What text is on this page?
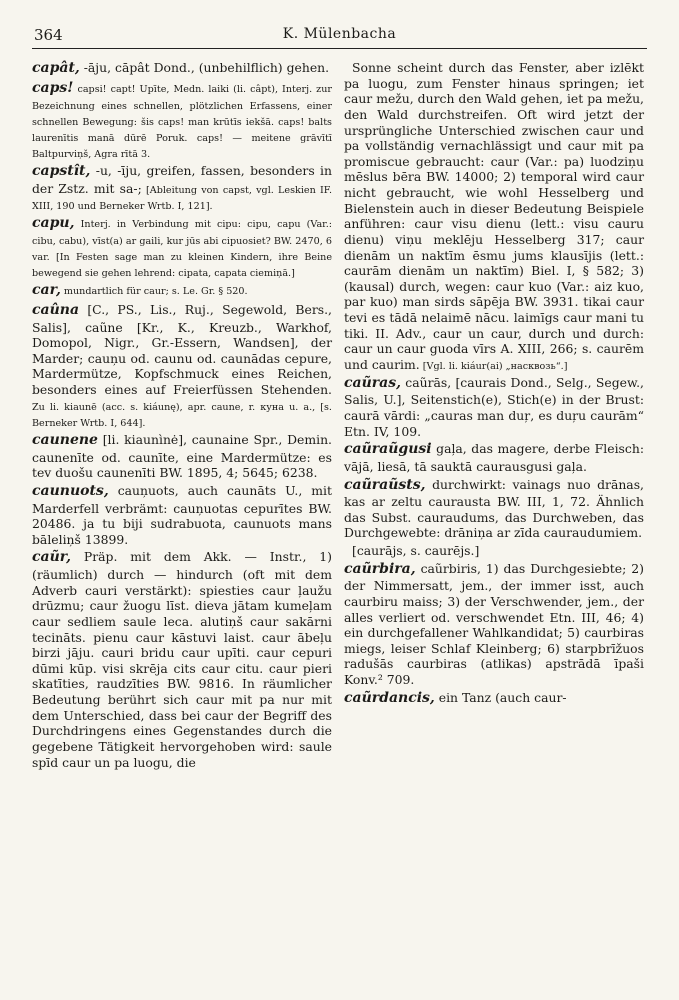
364	K. Mülenbacha

capât, -āju, cāpât Dond., (unbehilflich) gehen.

caps! capsi! capt! Upīte, Medn. laiki (li. câpt), Interj. zur Bezeichnung eines schnellen, plötzlichen Erfassens, einer schnellen Bewegung: šis caps! man krūtīs iekšā. caps! balts laurenītis manā dūrē Poruk. caps! — meitene grāvītī Baltpurviņš, Agra rītā 3.

capstît, -u, -īju, greifen, fassen, besonders in der Zstz. mit sa-; [Ableitung von capst, vgl. Leskien IF. XIII, 190 und Berneker Wrtb. I, 121].

capu, Interj. in Verbindung mit cipu: cipu, capu (Var.: cibu, cabu), vīst(a) ar gaili, kur jūs abi cipuosiet? BW. 2470, 6 var. [In Festen sage man zu kleinen Kindern, ihre Beine bewegend sie gehen lehrend: cipata, capata ciemiņā.]

car, mundartlich für caur; s. Le. Gr. § 520.

caûna [C., PS., Lis., Ruj., Segewold, Bers., Salis], caũne [Kr., K., Kreuzb., Warkhof, Domopol, Nigr., Gr.-Essern, Wandsen], der Marder; cauņu od. caunu od. caunādas cepure, Mardermütze, Kopfschmuck eines Reichen, besonders eines auf Freierfüssen Stehenden. Zu li. kiaunē (acc. s. kiáunę), apr. caune, r. куна u. a., [s. Berneker Wrtb. I, 644].

caunene [li. kiaunìnė], caunaine Spr., Demin. caunenīte od. caunīte, eine Mardermütze: es tev duošu caunenīti BW. 1895, 4; 5645; 6238.

caunuots, cauņuots, auch caunāts U., mit Marderfell verbrämt: cauņuotas cepurītes BW. 20486. ja tu biji sudrabuota, caunuots mans bāleliņš 13899.

caũr, Präp. mit dem Akk. — Instr., 1) (räumlich) durch — hindurch (oft mit dem Adverb cauri verstärkt): spiesties caur ļaužu drūzmu; caur žuogu līst. dieva jātam kumeļam caur sedliem saule leca. alutiņš caur sakārni tecināts. pienu caur kāstuvi laist. caur ābeļu birzi jāju. cauri bridu caur upīti. caur cepuri dūmi kūp. visi skrēja cits caur citu. caur pieri skatīties, raudzīties BW. 9816. In räumlicher Bedeutung berührt sich caur mit pa nur mit dem Unterschied, dass bei caur der Begriff des Durchdringens eines Gegenstandes durch die gegebene Tätigkeit hervorgehoben wird: saule spīd caur un pa luogu, die

Sonne scheint durch das Fenster, aber izlēkt pa luogu, zum Fenster hinaus springen; iet caur mežu, durch den Wald gehen, iet pa mežu, den Wald durchstreifen. Oft wird jetzt der ursprüngliche Unterschied zwischen caur und pa vollständig vernachlässigt und caur mit pa promiscue gebraucht: caur (Var.: pa) luodziņu mēslus bēra BW. 14000; 2) temporal wird caur nicht gebraucht, wie wohl Hesselberg und Bielenstein auch in dieser Bedeutung Beispiele anführen: caur visu dienu (lett.: visu cauru dienu) viņu meklēju Hesselberg 317; caur dienām un naktīm ēsmu jums klausījis (lett.: caurām dienām un naktīm) Biel. I, § 582; 3) (kausal) durch, wegen: caur kuo (Var.: aiz kuo, par kuo) man sirds sāpēja BW. 3931. tikai caur tevi es tādā nelaimē nācu. laimīgs caur mani tu tiki. II. Adv., caur un caur, durch und durch: caur un caur guoda vīrs A. XIII, 266; s. caurēm und caurim. [Vgl. li. kiáur(ai) „насквозь“.]

caũras, caũrās, [caurais Dond., Selg., Segew., Salis, U.], Seitenstich(e), Stich(e) in der Brust: caurā vārdi: „cauras man duŗ, es duŗu caurām“ Etn. IV, 109.

caũraũgusi gaļa, das magere, derbe Fleisch: vājā, liesā, tā sauktā caurausgusi gaļa.

caũraũsts, durchwirkt: vainags nuo drānas, kas ar zeltu caurausta BW. III, 1, 72. Ähnlich das Subst. cauraudums, das Durchweben, das Durchgewebte: drāniņa ar zīda cauraudumiem.

[caurājs, s. caurējs.]

caũrbira, caũrbiris, 1) das Durchgesiebte; 2) der Nimmersatt, jem., der immer isst, auch caurbiru maiss; 3) der Verschwender, jem., der alles verliert od. verschwendet Etn. III, 46; 4) ein durchgefallener Wahlkandidat; 5) caurbiras miegs, leiser Schlaf Kleinberg; 6) starpbrīžuos radušās caurbiras (atlikas) apstrādā īpaši Konv.² 709.

caũrdancis, ein Tanz (auch caur-
